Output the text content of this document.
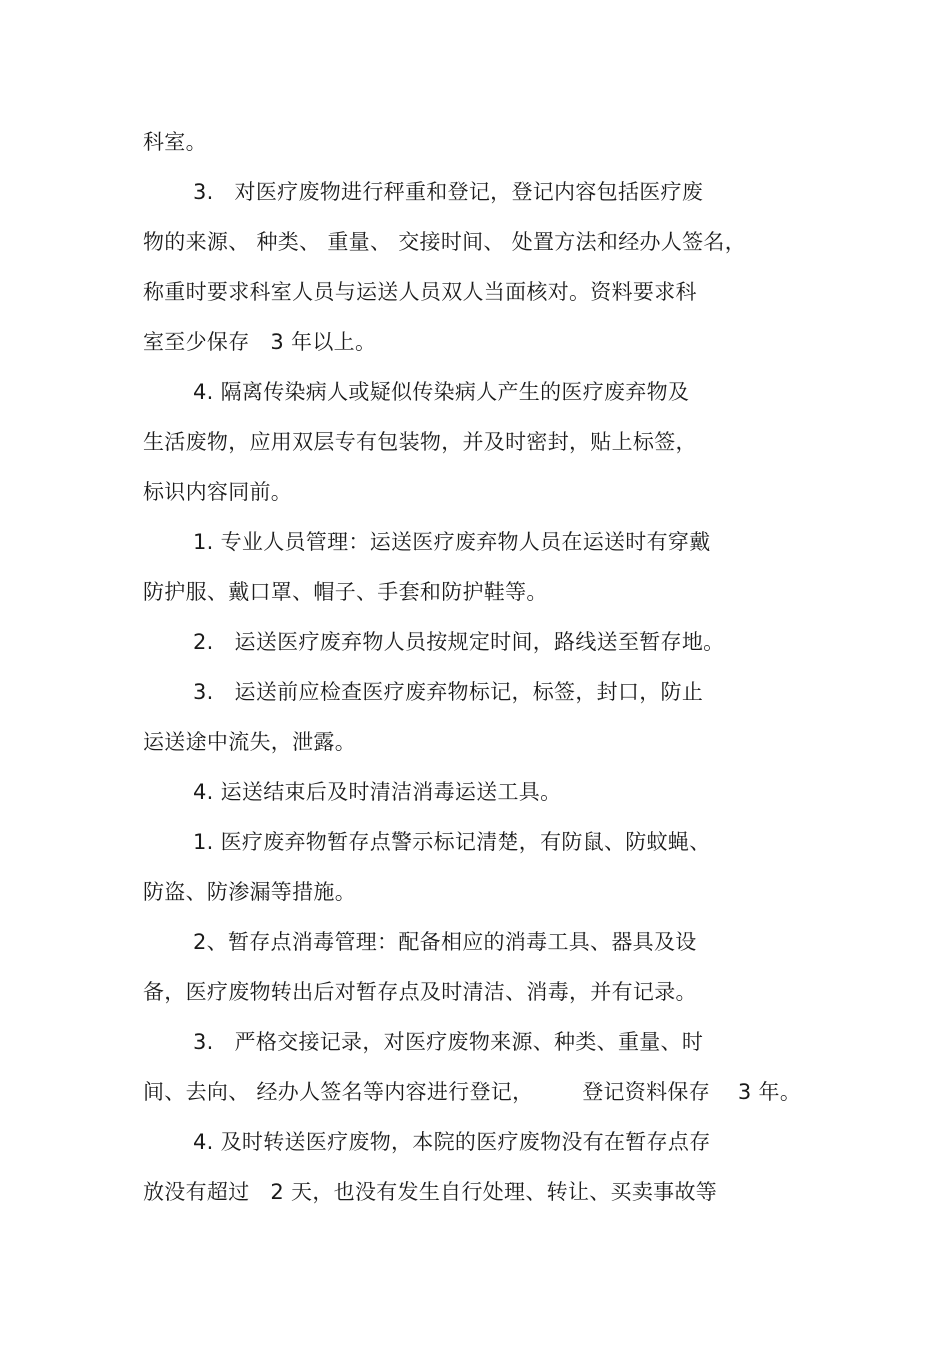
科室。
3.   对医疗废物进行秤重和登记，登记内容包括医疗废
物的来源、 种类、 重量、 交接时间、 处置方法和经办人签名，
称重时要求科室人员与运送人员双人当面核对。资料要求科
室至少保存   3 年以上。
4. 隔离传染病人或疑似传染病人产生的医疗废弃物及
生活废物，应用双层专有包装物，并及时密封，贴上标签，
标识内容同前。
1. 专业人员管理：运送医疗废弃物人员在运送时有穿戴
防护服、戴口罩、帽子、手套和防护鞋等。
2.   运送医疗废弃物人员按规定时间，路线送至暂存地。
3.   运送前应检查医疗废弃物标记，标签，封口，防止
运送途中流失，泄露。
4. 运送结束后及时清洁消毒运送工具。
1. 医疗废弃物暂存点警示标记清楚，有防鼠、防蚊蝇、
防盗、防渗漏等措施。
2、暂存点消毒管理：配备相应的消毒工具、器具及设
备，医疗废物转出后对暂存点及时清洁、消毒，并有记录。
3.   严格交接记录，对医疗废物来源、种类、重量、时
间、去向、 经办人签名等内容进行登记，       登记资料保存    3 年。
4. 及时转送医疗废物，本院的医疗废物没有在暂存点存
放没有超过   2 天，也没有发生自行处理、转让、买卖事故等
